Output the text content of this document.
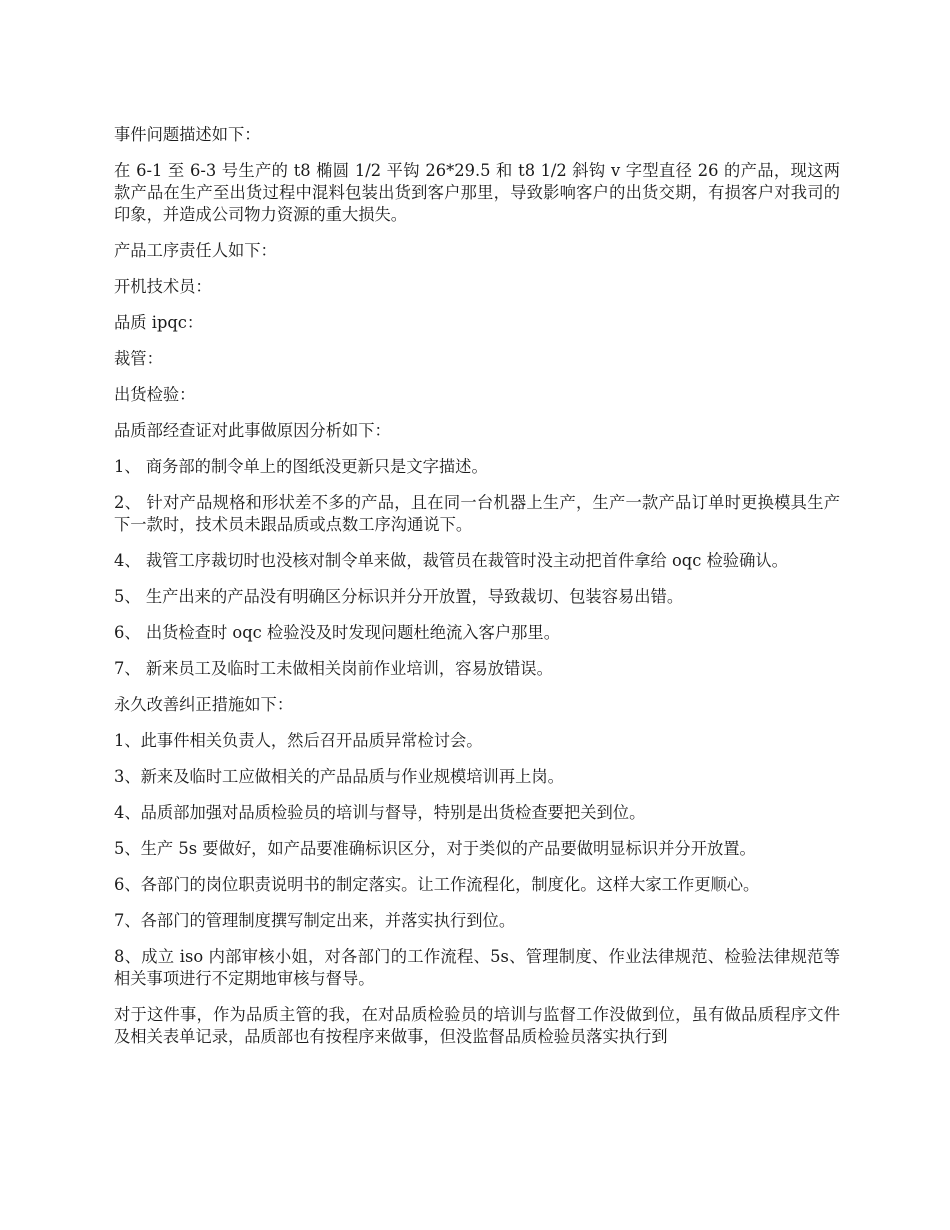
事件问题描述如下：

在 6-1 至 6-3 号生产的 t8 椭圆 1/2 平钩 26*29.5 和 t8 1/2 斜钩 v 字型直径 26 的产品，现这两款产品在生产至出货过程中混料包装出货到客户那里，导致影响客户的出货交期，有损客户对我司的印象，并造成公司物力资源的重大损失。

产品工序责任人如下：

开机技术员：

品质 ipqc：

裁管：

出货检验：

品质部经查证对此事做原因分析如下：

1、 商务部的制令单上的图纸没更新只是文字描述。

2、 针对产品规格和形状差不多的产品，且在同一台机器上生产，生产一款产品订单时更换模具生产下一款时，技术员未跟品质或点数工序沟通说下。

4、 裁管工序裁切时也没核对制令单来做，裁管员在裁管时没主动把首件拿给 oqc 检验确认。

5、 生产出来的产品没有明确区分标识并分开放置，导致裁切、包装容易出错。

6、 出货检查时 oqc 检验没及时发现问题杜绝流入客户那里。

7、 新来员工及临时工未做相关岗前作业培训，容易放错误。

永久改善纠正措施如下：

1、此事件相关负责人，然后召开品质异常检讨会。

3、新来及临时工应做相关的产品品质与作业规模培训再上岗。

4、品质部加强对品质检验员的培训与督导，特别是出货检查要把关到位。

5、生产 5s 要做好，如产品要准确标识区分，对于类似的产品要做明显标识并分开放置。

6、各部门的岗位职责说明书的制定落实。让工作流程化，制度化。这样大家工作更顺心。

7、各部门的管理制度撰写制定出来，并落实执行到位。

8、成立 iso 内部审核小姐，对各部门的工作流程、5s、管理制度、作业法律规范、检验法律规范等相关事项进行不定期地审核与督导。

对于这件事，作为品质主管的我，在对品质检验员的培训与监督工作没做到位，虽有做品质程序文件及相关表单记录，品质部也有按程序来做事，但没监督品质检验员落实执行到
